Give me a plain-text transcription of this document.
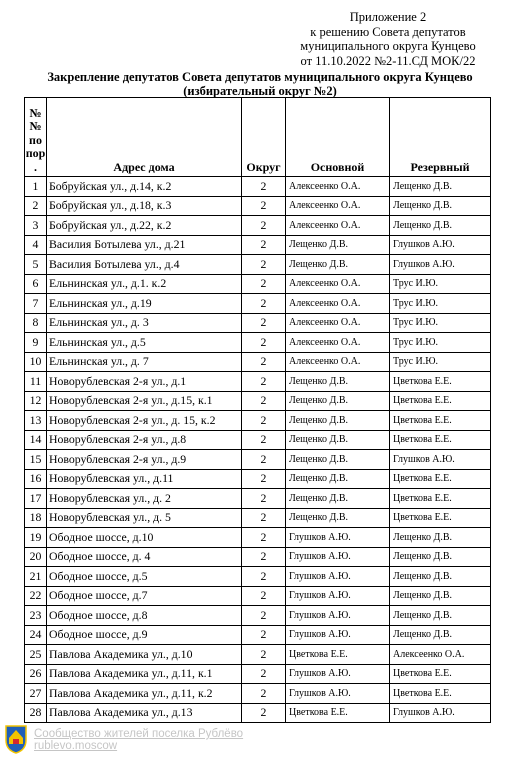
Приложение 2
к решению Совета депутатов
муниципального округа Кунцево
от 11.10.2022 №2-11.СД МОК/22
Закрепление депутатов Совета депутатов муниципального округа Кунцево
(избирательный округ №2)
№
№
по
пор
.	Адрес дома	Округ	Основной	Резервный
1	Бобруйская ул., д.14, к.2	2	Алексеенко О.А.	Лещенко Д.В.
2	Бобруйская ул., д.18, к.3	2	Алексеенко О.А.	Лещенко Д.В.
3	Бобруйская ул., д.22, к.2	2	Алексеенко О.А.	Лещенко Д.В.
4	Василия Ботылева ул., д.21	2	Лещенко Д.В.	Глушков А.Ю.
5	Василия Ботылева ул., д.4	2	Лещенко Д.В.	Глушков А.Ю.
6	Ельнинская ул., д.1. к.2	2	Алексеенко О.А.	Трус И.Ю.
7	Ельнинская ул., д.19	2	Алексеенко О.А.	Трус И.Ю.
8	Ельнинская ул., д. 3	2	Алексеенко О.А.	Трус И.Ю.
9	Ельнинская ул., д.5	2	Алексеенко О.А.	Трус И.Ю.
10	Ельнинская ул., д. 7	2	Алексеенко О.А.	Трус И.Ю.
11	Новорублевская 2-я ул., д.1	2	Лещенко Д.В.	Цветкова Е.Е.
12	Новорублевская 2-я ул., д.15, к.1	2	Лещенко Д.В.	Цветкова Е.Е.
13	Новорублевская 2-я ул., д. 15, к.2	2	Лещенко Д.В.	Цветкова Е.Е.
14	Новорублевская 2-я ул., д.8	2	Лещенко Д.В.	Цветкова Е.Е.
15	Новорублевская 2-я ул., д.9	2	Лещенко Д.В.	Глушков А.Ю.
16	Новорублевская ул., д.11	2	Лещенко Д.В.	Цветкова Е.Е.
17	Новорублевская ул., д. 2	2	Лещенко Д.В.	Цветкова Е.Е.
18	Новорублевская ул., д. 5	2	Лещенко Д.В.	Цветкова Е.Е.
19	Ободное шоссе, д.10	2	Глушков А.Ю.	Лещенко Д.В.
20	Ободное шоссе, д. 4	2	Глушков А.Ю.	Лещенко Д.В.
21	Ободное шоссе, д.5	2	Глушков А.Ю.	Лещенко Д.В.
22	Ободное шоссе, д.7	2	Глушков А.Ю.	Лещенко Д.В.
23	Ободное шоссе, д.8	2	Глушков А.Ю.	Лещенко Д.В.
24	Ободное шоссе, д.9	2	Глушков А.Ю.	Лещенко Д.В.
25	Павлова Академика ул., д.10	2	Цветкова Е.Е.	Алексеенко О.А.
26	Павлова Академика ул., д.11, к.1	2	Глушков А.Ю.	Цветкова Е.Е.
27	Павлова Академика ул., д.11, к.2	2	Глушков А.Ю.	Цветкова Е.Е.
28	Павлова Академика ул., д.13	2	Цветкова Е.Е.	Глушков А.Ю.
Сообщество жителей поселка Рублёво
rublevo.moscow
